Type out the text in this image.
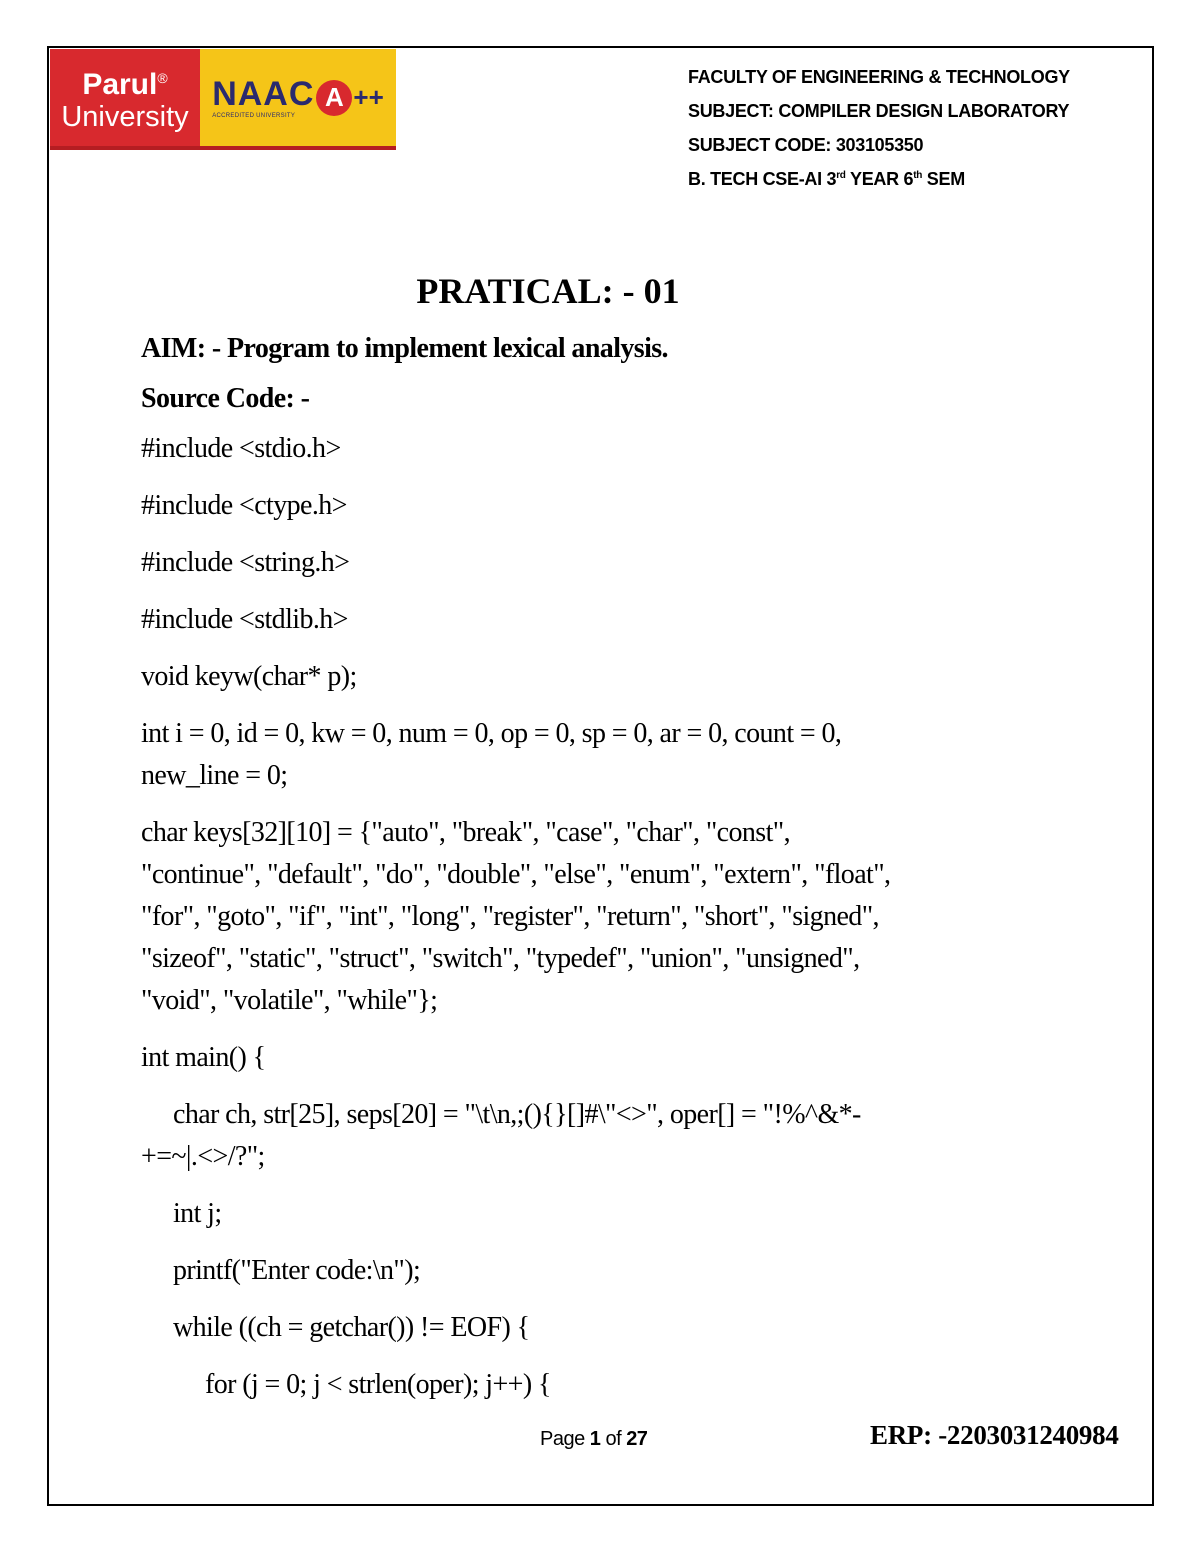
Parul®
University
NAAC
ACCREDITED UNIVERSITY
A ++
FACULTY OF ENGINEERING & TECHNOLOGY
SUBJECT: COMPILER DESIGN LABORATORY
SUBJECT CODE: 303105350
B. TECH CSE-AI 3rd YEAR 6th SEM
PRATICAL: - 01
AIM: - Program to implement lexical analysis.
Source Code: -
#include <stdio.h>
#include <ctype.h>
#include <string.h>
#include <stdlib.h>
void keyw(char* p);
int i = 0, id = 0, kw = 0, num = 0, op = 0, sp = 0, ar = 0, count = 0,
new_line = 0;
char keys[32][10] = {"auto", "break", "case", "char", "const",
"continue", "default", "do", "double", "else", "enum", "extern", "float",
"for", "goto", "if", "int", "long", "register", "return", "short", "signed",
"sizeof", "static", "struct", "switch", "typedef", "union", "unsigned",
"void", "volatile", "while"};
int main() {
char ch, str[25], seps[20] = "\t\n,;(){}[]#\"<>", oper[] = "!%^&*-
+=~|.<>/?";
int j;
printf("Enter code:\n");
while ((ch = getchar()) != EOF) {
for (j = 0; j < strlen(oper); j++) {
Page 1 of 27	ERP: -2203031240984
